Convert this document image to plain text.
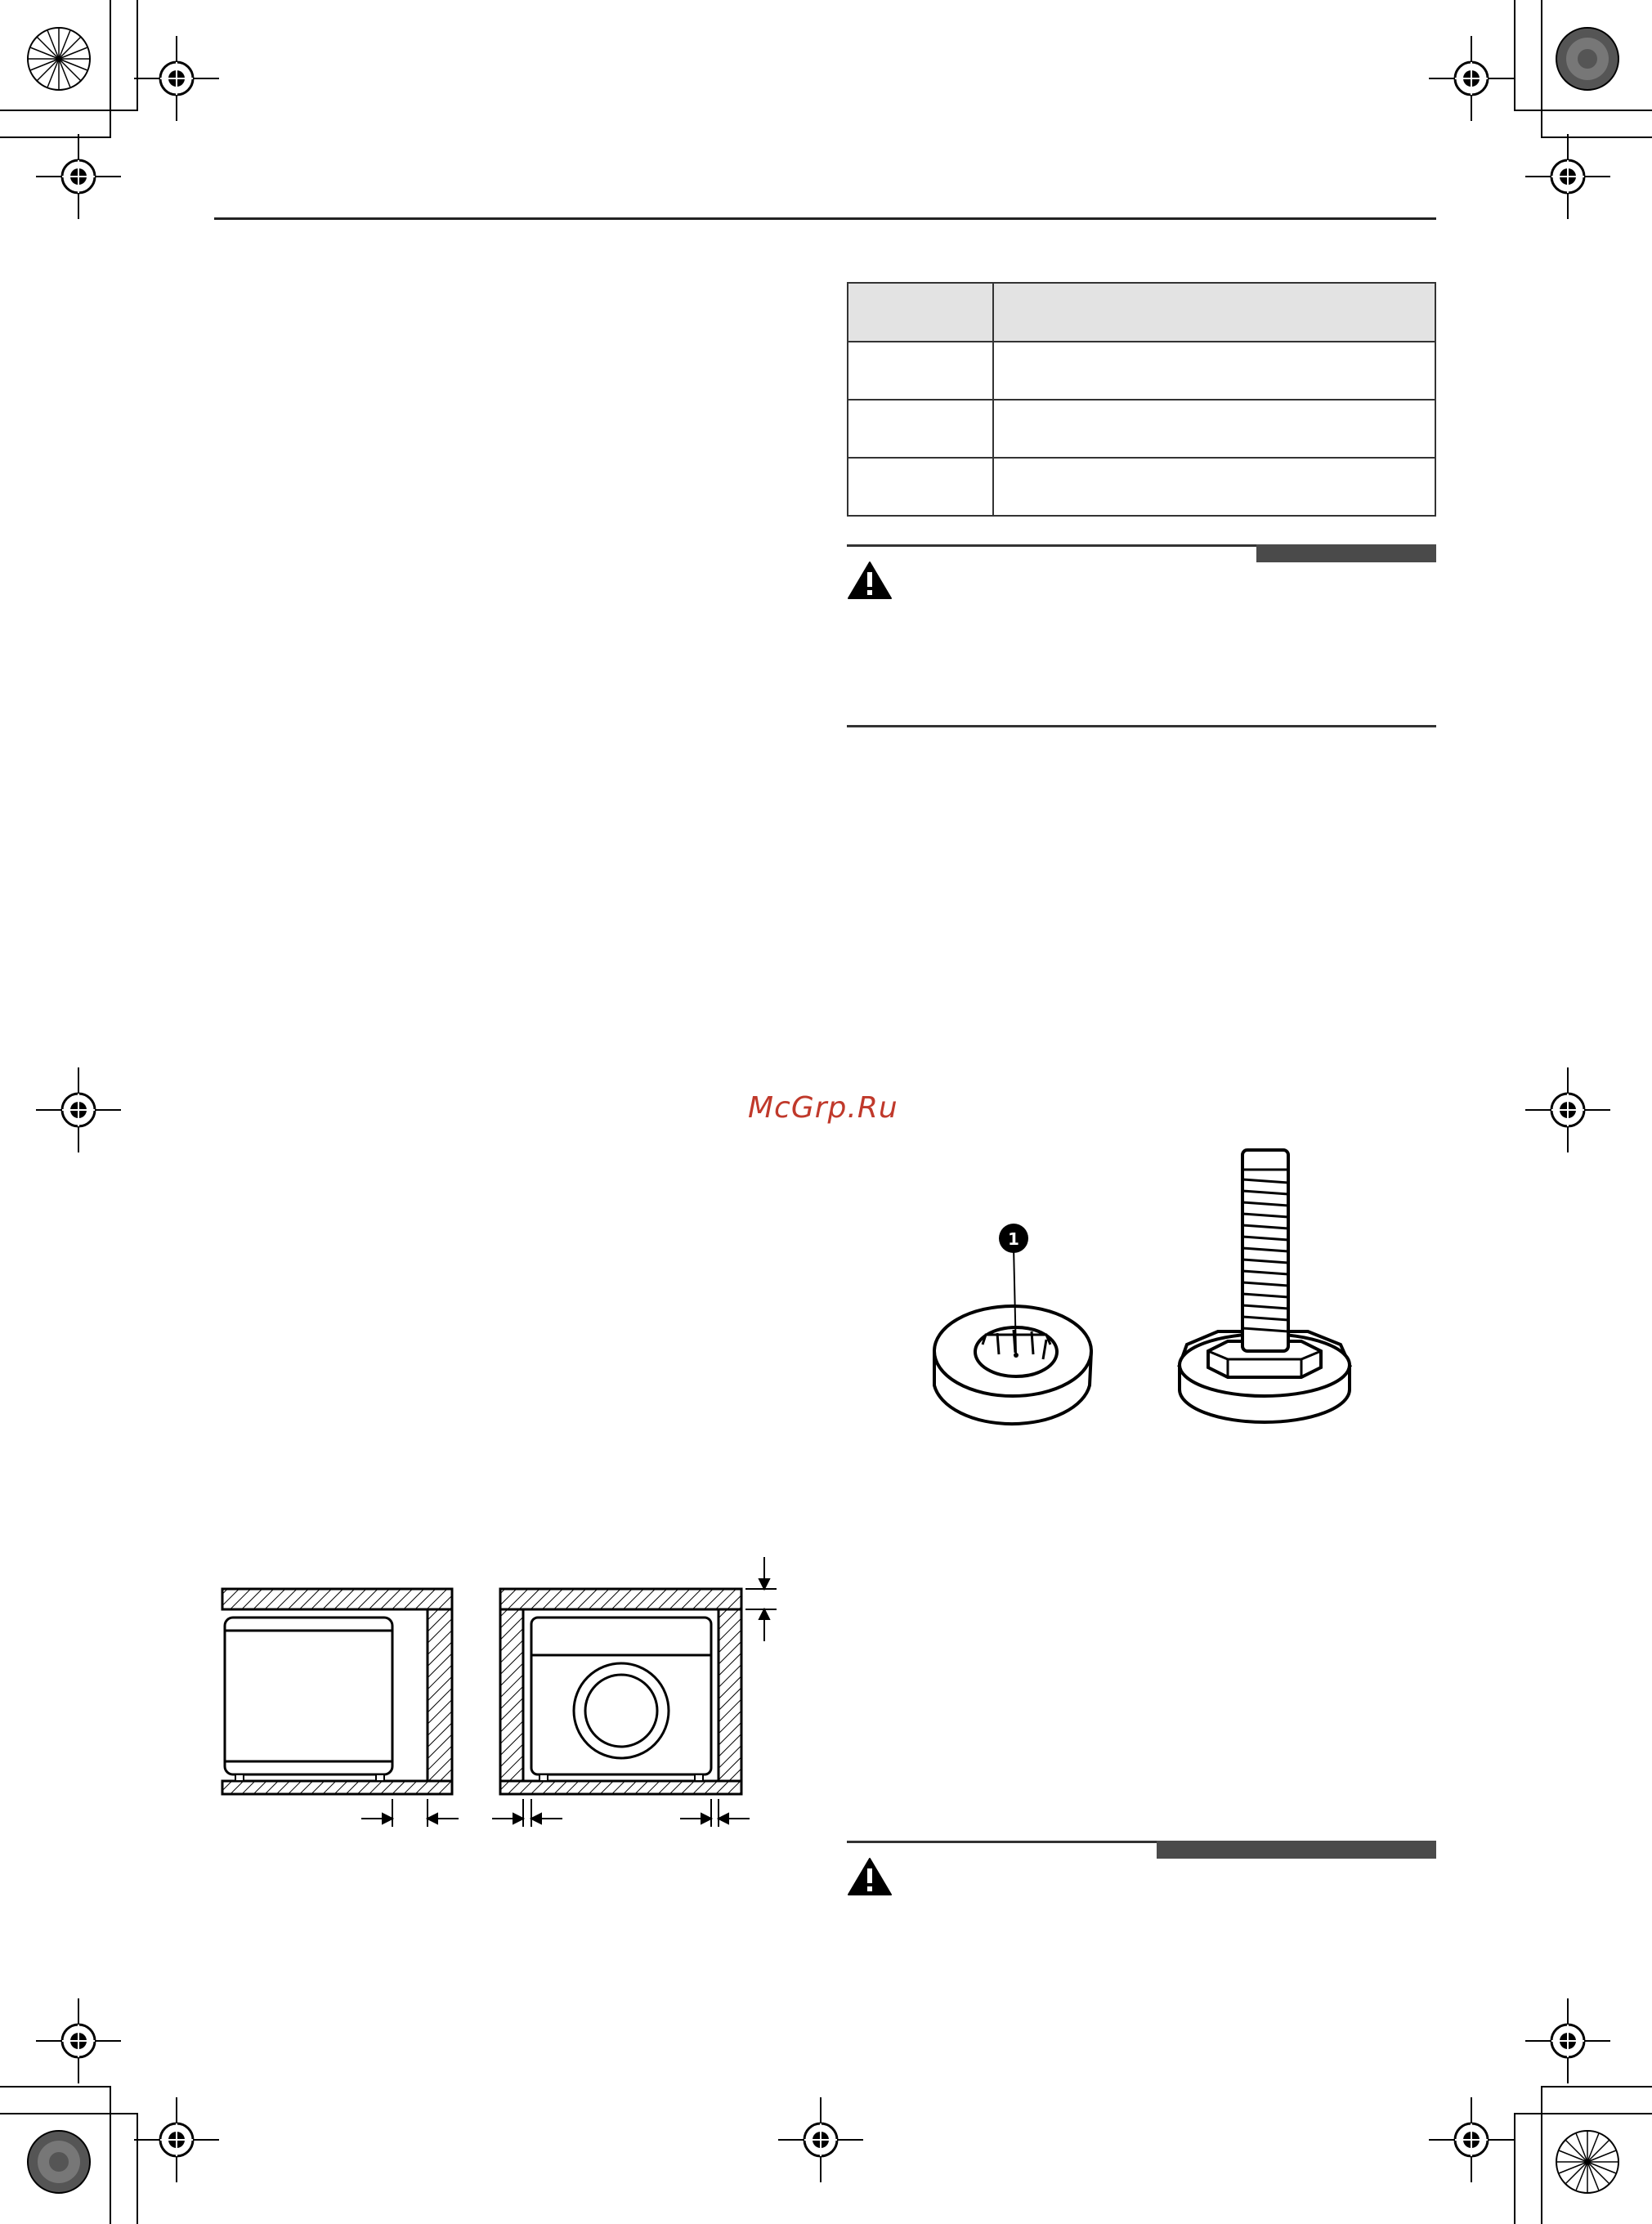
McGrp.Ru
1
